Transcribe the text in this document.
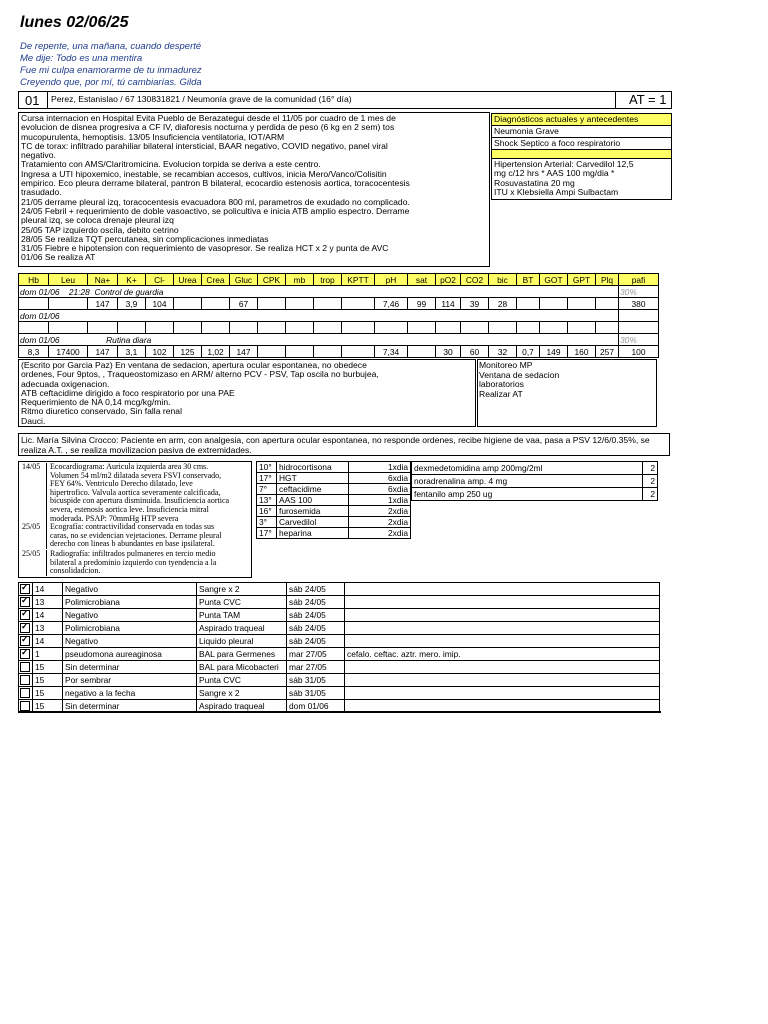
lunes 02/06/25
De repente, una mañana, cuando desperté
Me dije: Todo es una mentira
Fue mi culpa enamorarme de tu inmadurez
Creyendo que, por mí, tú cambiarías. Gilda
01 Perez, Estanislao / 67 130831821 / Neumonía grave de la comunidad (16° día)	AT = 1
Cursa internacion en Hospital Evita Pueblo de Berazategui desde el 11/05 por cuadro de 1 mes de
evolucion de disnea progresiva a CF IV, diaforesis nocturna y perdida de peso (6 kg en 2 sem) tos
mucopurulenta, hemoptisis. 13/05 Insuficiencia ventilatoria, IOT/ARM
TC de torax: infiltrado parahiliar bilateral intersticial, BAAR negativo, COVID negativo, panel viral
negativo.
Tratamiento con AMS/Claritromicina. Evolucion torpida se deriva a este centro.
Ingresa a UTI hipoxemico, inestable, se recambian accesos, cultivos, inicia Mero/Vanco/Colisitin
empirico. Eco pleura derrame bilateral, pantron B bilateral, ecocardio estenosis aortica, toracocentesis
trasudado.
21/05 derrame pleural izq, toracocentesis evacuadora 800 ml, parametros de exudado no complicado.
24/05 Febril + requerimiento de doble vasoactivo, se policultiva e inicia ATB amplio espectro. Derrame
pleural izq, se coloca drenaje pleural izq
25/05 TAP izquierdo oscila, debito cetrino
28/05 Se realiza TQT percutanea, sin complicaciones inmediatas
31/05 Fiebre e hipotension con requerimiento de vasopresor. Se realiza HCT x 2 y punta de AVC
01/06 Se realiza AT
Diagnósticos actuales y antecedentes
Neumonia Grave
Shock Septico a foco respiratorio
Hipertension Arterial: Carvedilol 12,5
mg c/12 hrs * AAS 100 mg/dia *
Rosuvastatina 20 mg
ITU x Klebsiella Ampi Sulbactam
Hb	Leu	Na+	K+	Cl-	Urea	Crea	Gluc	CPK	mb	trop	KPTT	pH	sat	pO2	CO2	bic	BT	GOT	GPT	Plq	pafi
dom 01/06    21:28  Control de guardia																					30%
		147	3,9	104			67					7,46	99	114	39	28					380
dom 01/06																					

dom 01/06                    Rutina diara																					30%
8,3	17400	147	3,1	102	125	1,02	147					7,34		30	60	32	0,7	149	160	257	100
(Escrito por Garcia Paz) En ventana de sedacion, apertura ocular espontanea, no obedece
ordenes, Four 9ptos, , Traqueostomizaso en ARM/ alterno PCV - PSV, Tap oscila no burbujea,
adecuada oxigenacion.
ATB ceftacidime dirigido a foco respiratorio por una PAE
Requerimiento de NA 0,14 mcg/kg/min.
Ritmo diuretico conservado, Sin falla renal
Dauci.
Monitoreo MP
Ventana de sedacion
laboratorios
Realizar AT
Lic. María Silvina Crocco: Paciente en arm, con analgesia, con apertura ocular espontanea, no responde ordenes, recibe higiene de vaa, pasa a PSV 12/6/0.35%, se realiza A.T. , se realiza movilizacion pasiva de extremidades.
14/05	Ecocardiograma: Auricula izquierda area 30 cms.
Volumen 54 ml/m2 dilatada severa FSVI conservado,
FEY 64%. Ventriculo Derecho dilatado, leve
hipertrofico. Valvula aortica severamente calcificada,
bicuspide con apertura disminuida. Insuficiencia aortica
severa, estenosis aortica leve. Insuficiencia mitral
moderada. PSAP: 70mmHg HTP severa
25/05	Ecografía: contractivilidad conservada en todas sus
caras, no se evidencian vejetaciones. Derrame pleural
derecho con lineas b abundantes en base ipsilateral.
25/05	Radiografía: infiltrados pulmaneres en tercio medio
bilateral a predominio izquierdo con tyendencia a la
consolidadcion.
10°	hidrocortisona	1xdia
17°	HGT	6xdia
7°	ceftacidime	6xdia
13°	AAS 100	1xdia
16°	furosemida	2xdia
3°	Carvedilol	2xdia
17°	heparina	2xdia
dexmedetomidina amp 200mg/2ml	2
noradrenalina amp. 4 mg	2
fentanilo amp 250 ug	2
✓	14	Negativo	Sangre x 2	sáb 24/05	
✓	13	Polimicrobiana	Punta CVC	sáb 24/05	
✓	14	Negativo	Punta TAM	sáb 24/05	
✓	13	Polimicrobiana	Aspirado traqueal	sáb 24/05	
✓	14	Negativo	Liquido pleural	sáb 24/05	
✓	1	pseudomona aureaginosa	BAL para Germenes	mar 27/05	cefalo. ceftac. aztr. mero. imip.
	15	Sin determinar	BAL para Micobacteri	mar 27/05	
	15	Por sembrar	Punta CVC	sáb 31/05	
	15	negativo a la fecha	Sangre x 2	sáb 31/05	
	15	Sin determinar	Aspirado traqueal	dom 01/06	
